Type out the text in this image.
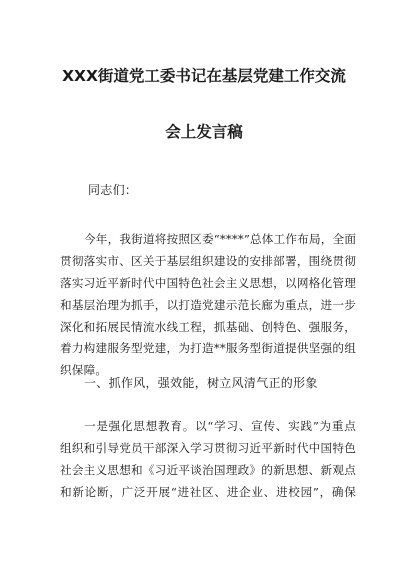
XXX街道党工委书记在基层党建工作交流
会上发言稿
同志们：
今年，我街道将按照区委“****”总体工作布局，全面
贯彻落实市、区关于基层组织建设的安排部署，围绕贯彻
落实习近平新时代中国特色社会主义思想，以网格化管理
和基层治理为抓手，以打造党建示范长廊为重点，进一步
深化和拓展民情流水线工程，抓基础、创特色、强服务，
着力构建服务型党建，为打造**服务型街道提供坚强的组
织保障。
一、抓作风，强效能，树立风清气正的形象
一是强化思想教育。以“学习、宣传、实践”为重点
组织和引导党员干部深入学习贯彻习近平新时代中国特色
社会主义思想和《习近平谈治国理政》的新思想、新观点
和新论断，广泛开展“进社区、进企业、进校园”，确保
